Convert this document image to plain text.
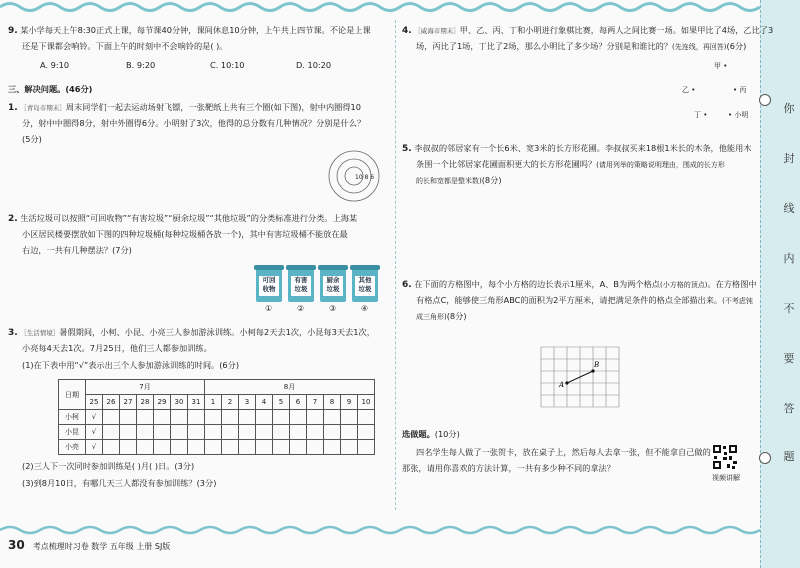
你
封
线
内
不
要
答
题
9. 某小学每天上午8:30正式上课，每节课40分钟，课间休息10分钟，上午共上四节课。不论是上课
还是下课都会响铃。下面上午的时刻中不会响铃的是( )。
A. 9:10	B. 9:20	C. 10:10	D. 10:20
三、解决问题。(46分)
1. ［青岛市期末］周末同学们一起去运动场射飞镖，一张靶纸上共有三个圈(如下图)，射中内圈得10
分，射中中圈得8分，射中外圈得6分。小明射了3次，他得的总分数有几种情况？分别是什么？
(5分)
10 8 6
2. 生活垃圾可以按照“可回收物”“有害垃圾”“厨余垃圾”“其他垃圾”的分类标准进行分类。上海某
小区居民楼要摆放如下图的四种垃圾桶(每种垃圾桶各放一个)，其中有害垃圾桶不能放在最
右边，一共有几种摆法？(7分)
可回
收物
有害
垃圾
厨余
垃圾
其他
垃圾
①	②	③	④
3. ［生活情境］暑假期间，小柯、小昆、小亮三人参加游泳训练。小柯每2天去1次，小昆每3天去1次，
小亮每4天去1次。7月25日，他们三人都参加训练。
(1)在下表中用“√”表示出三个人参加游泳训练的时间。(6分)
日期	7月							8月									
	25	26	27	28	29	30	31	1	2	3	4	5	6	7	8	9	10
小柯	√																
小昆	√																
小亮	√																
(2)三人下一次同时参加训练是( )月( )日。(3分)
(3)到8月10日，有哪几天三人都没有参加训练？(3分)
4. ［威海市期末］甲、乙、丙、丁和小明进行象棋比赛，每两人之间比赛一场。如果甲比了4场，乙比了3
场，丙比了1场，丁比了2场，那么小明比了多少场？分别是和谁比的？(先连线，再回答)(6分)
甲 •
乙 •	• 丙
丁 •	• 小明
5. 李叔叔的邻居家有一个长6米、宽3米的长方形花圃。李叔叔买来18根1米长的木条，他能用木
条围一个比邻居家花圃面积更大的长方形花圃吗？(请用列举的策略说明理由，围成的长方形
的长和宽都是整米数)(8分)
6. 在下面的方格图中，每个小方格的边长表示1厘米，A、B为两个格点(小方格的顶点)。在方格图中
有格点C，能够使三角形ABC的面积为2平方厘米，请把满足条件的格点全部描出来。(不考虑钝
成三角形)(8分)
A
B
选做题。(10分)
四名学生每人做了一张贺卡，放在桌子上，然后每人去拿一张，但不能拿自己做的
那张，请用你喜欢的方法计算，一共有多少种不同的拿法？
视频讲解
30 考点梳理时习卷 数学 五年级 上册 SJ版
